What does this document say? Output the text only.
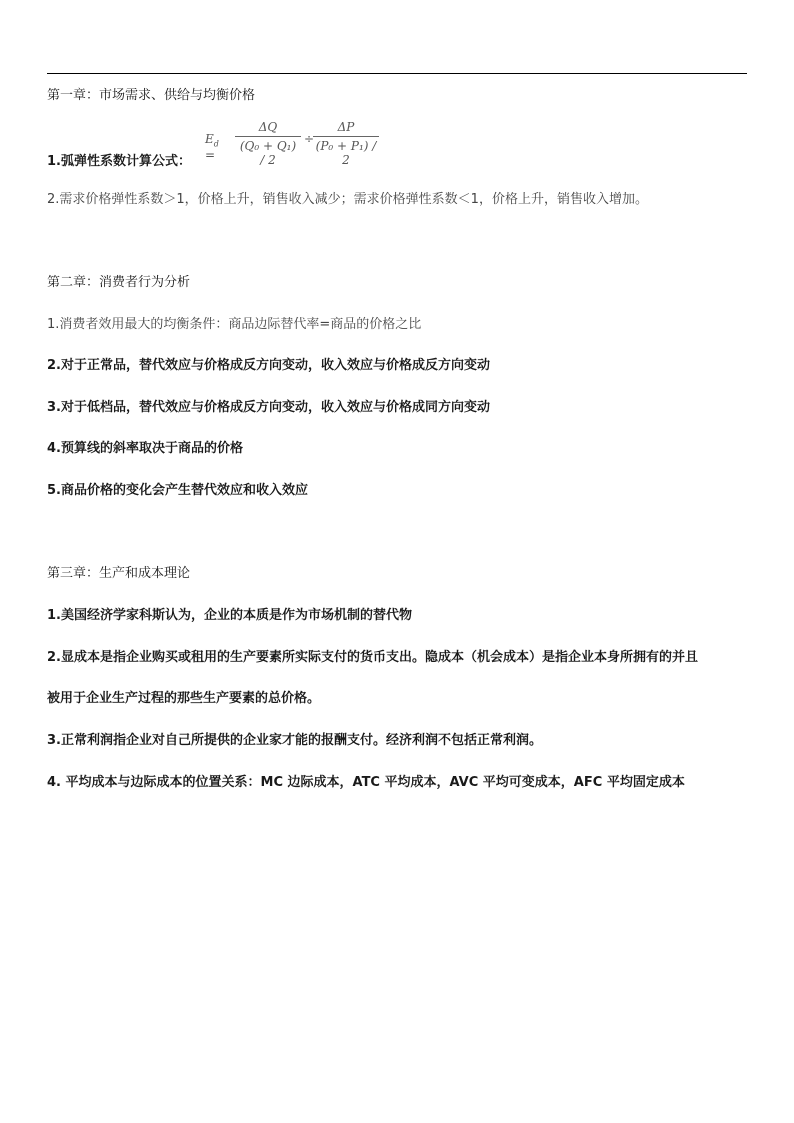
第一章：市场需求、供给与均衡价格
1.弧弹性系数计算公式：
$E_d$ =
ΔQ
(Q₀ + Q₁) / 2
÷
ΔP
(P₀ + P₁) / 2
2.需求价格弹性系数＞1，价格上升，销售收入减少；需求价格弹性系数＜1，价格上升，销售收入增加。
第二章：消费者行为分析
1.消费者效用最大的均衡条件：商品边际替代率=商品的价格之比
2.对于正常品，替代效应与价格成反方向变动，收入效应与价格成反方向变动
3.对于低档品，替代效应与价格成反方向变动，收入效应与价格成同方向变动
4.预算线的斜率取决于商品的价格
5.商品价格的变化会产生替代效应和收入效应
第三章：生产和成本理论
1.美国经济学家科斯认为，企业的本质是作为市场机制的替代物
2.显成本是指企业购买或租用的生产要素所实际支付的货币支出。隐成本（机会成本）是指企业本身所拥有的并且
被用于企业生产过程的那些生产要素的总价格。
3.正常利润指企业对自己所提供的企业家才能的报酬支付。经济利润不包括正常利润。
4. 平均成本与边际成本的位置关系：MC 边际成本，ATC 平均成本，AVC 平均可变成本，AFC 平均固定成本
